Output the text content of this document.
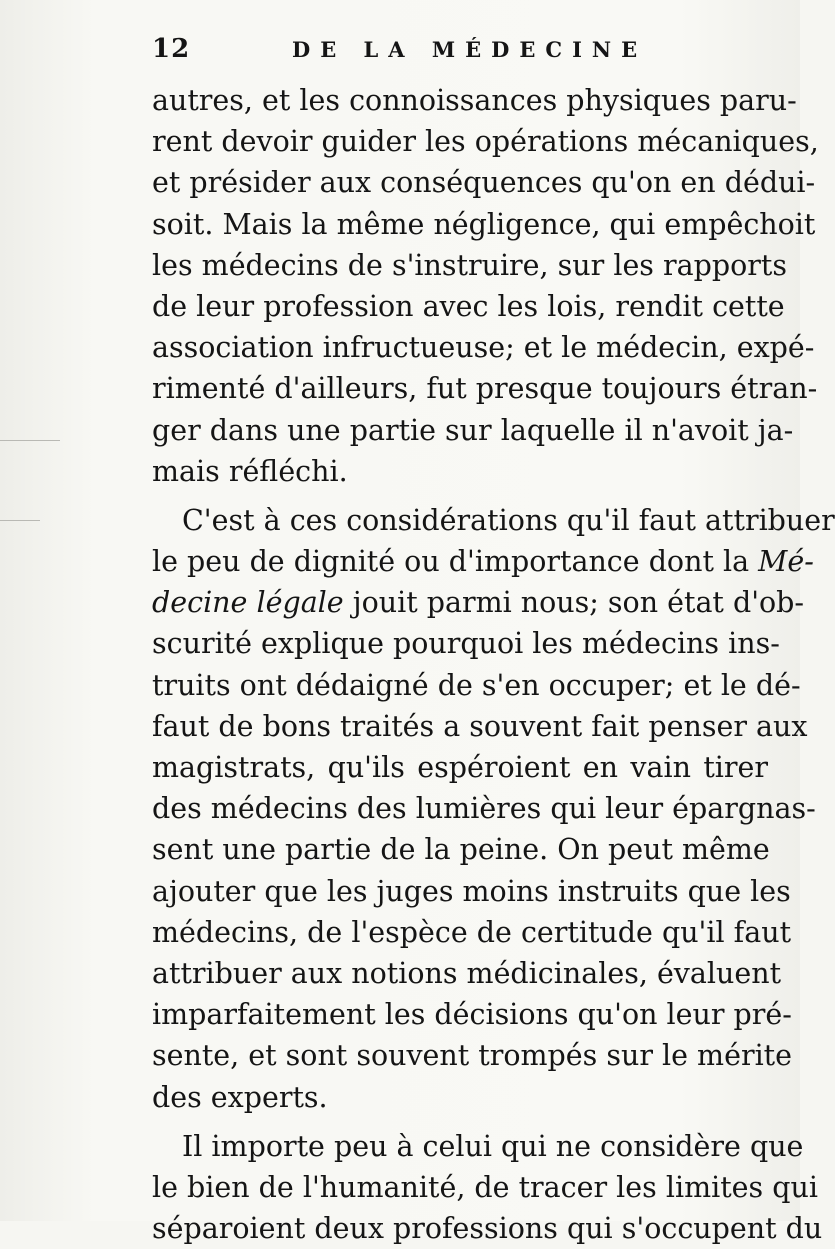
12	DE LA MÉDECINE
autres, et les connoissances physiques paru-
rent devoir guider les opérations mécaniques,
et présider aux conséquences qu'on en dédui-
soit. Mais la même négligence, qui empêchoit
les médecins de s'instruire, sur les rapports
de leur profession avec les lois, rendit cette
association infructueuse; et le médecin, expé-
rimenté d'ailleurs, fut presque toujours étran-
ger dans une partie sur laquelle il n'avoit ja-
mais réfléchi.
C'est à ces considérations qu'il faut attribuer
le peu de dignité ou d'importance dont la Mé-
decine légale jouit parmi nous; son état d'ob-
scurité explique pourquoi les médecins ins-
truits ont dédaigné de s'en occuper; et le dé-
faut de bons traités a souvent fait penser aux
magistrats, qu'ils espéroient en vain tirer
des médecins des lumières qui leur épargnas-
sent une partie de la peine. On peut même
ajouter que les juges moins instruits que les
médecins, de l'espèce de certitude qu'il faut
attribuer aux notions médicinales, évaluent
imparfaitement les décisions qu'on leur pré-
sente, et sont souvent trompés sur le mérite
des experts.
Il importe peu à celui qui ne considère que
le bien de l'humanité, de tracer les limites qui
séparoient deux professions qui s'occupent du
